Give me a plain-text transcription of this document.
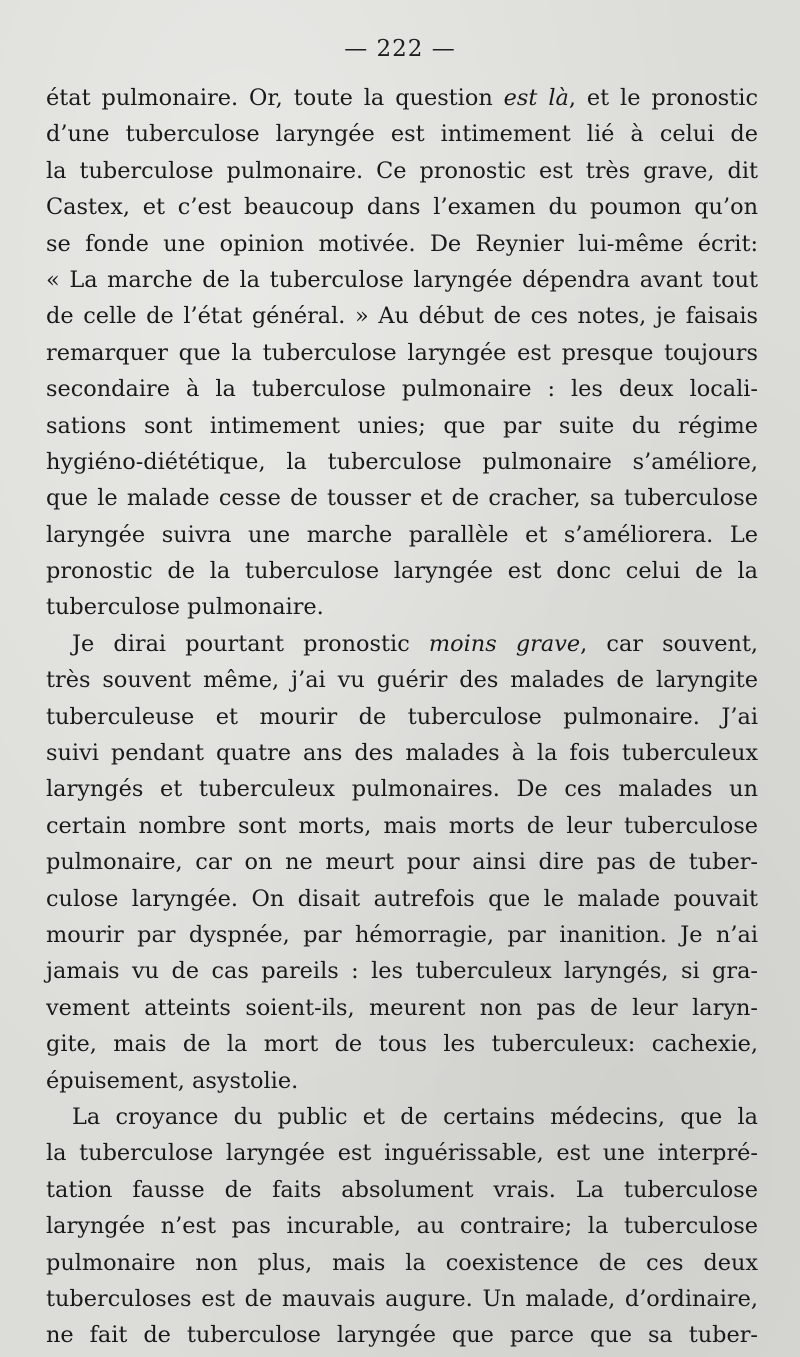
— 222 —
état pulmonaire. Or, toute la question est là, et le pronostic
d’une tuberculose laryngée est intimement lié à celui de
la tuberculose pulmonaire. Ce pronostic est très grave, dit
Castex, et c’est beaucoup dans l’examen du poumon qu’on
se fonde une opinion motivée. De Reynier lui-même écrit:
« La marche de la tuberculose laryngée dépendra avant tout
de celle de l’état général. » Au début de ces notes, je faisais
remarquer que la tuberculose laryngée est presque toujours
secondaire à la tuberculose pulmonaire : les deux locali-
sations sont intimement unies; que par suite du régime
hygiéno-diététique, la tuberculose pulmonaire s’améliore,
que le malade cesse de tousser et de cracher, sa tuberculose
laryngée suivra une marche parallèle et s’améliorera. Le
pronostic de la tuberculose laryngée est donc celui de la
tuberculose pulmonaire.
Je dirai pourtant pronostic moins grave, car souvent,
très souvent même, j’ai vu guérir des malades de laryngite
tuberculeuse et mourir de tuberculose pulmonaire. J’ai
suivi pendant quatre ans des malades à la fois tuberculeux
laryngés et tuberculeux pulmonaires. De ces malades un
certain nombre sont morts, mais morts de leur tuberculose
pulmonaire, car on ne meurt pour ainsi dire pas de tuber-
culose laryngée. On disait autrefois que le malade pouvait
mourir par dyspnée, par hémorragie, par inanition. Je n’ai
jamais vu de cas pareils : les tuberculeux laryngés, si gra-
vement atteints soient-ils, meurent non pas de leur laryn-
gite, mais de la mort de tous les tuberculeux: cachexie,
épuisement, asystolie.
La croyance du public et de certains médecins, que la
la tuberculose laryngée est inguérissable, est une interpré-
tation fausse de faits absolument vrais. La tuberculose
laryngée n’est pas incurable, au contraire; la tuberculose
pulmonaire non plus, mais la coexistence de ces deux
tuberculoses est de mauvais augure. Un malade, d’ordinaire,
ne fait de tuberculose laryngée que parce que sa tuber-
